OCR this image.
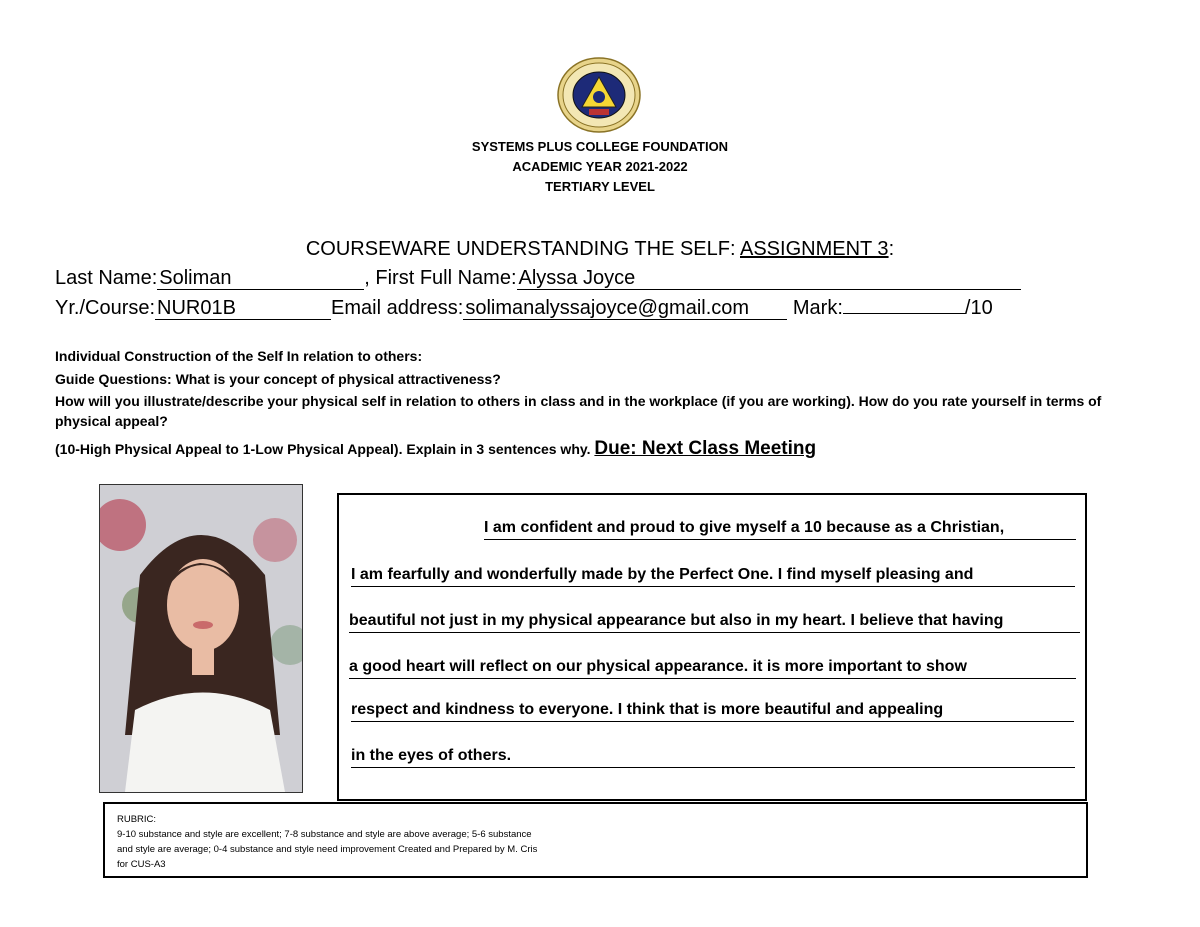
SYSTEMS PLUS COLLEGE FOUNDATION
ACADEMIC YEAR 2021-2022
TERTIARY LEVEL
COURSEWARE UNDERSTANDING THE SELF: ASSIGNMENT 3:
Last Name: Soliman	, First Full Name: Alyssa Joyce
Yr./Course: NUR01B	Email address: solimanalyssajoyce@gmail.com Mark:	/10
Individual Construction of the Self In relation to others:
Guide Questions: What is your concept of physical attractiveness?
How will you illustrate/describe your physical self in relation to others in class and in the workplace (if you are working). How do you rate yourself in terms of physical appeal?
(10-High Physical Appeal to 1-Low Physical Appeal). Explain in 3 sentences why. Due: Next Class Meeting
I am confident and proud to give myself a 10 because as a Christian,
I am fearfully and wonderfully made by the Perfect One. I find myself pleasing and
beautiful not just in my physical appearance but also in my heart. I believe that having
a good heart will reflect on our physical appearance. it is more important to show
respect and kindness to everyone. I think that is more beautiful and appealing
in the eyes of others.
RUBRIC:
9-10 substance and style are excellent; 7-8 substance and style are above average; 5-6 substance
and style are average; 0-4 substance and style need improvement Created and Prepared by M. Cris
for CUS-A3
